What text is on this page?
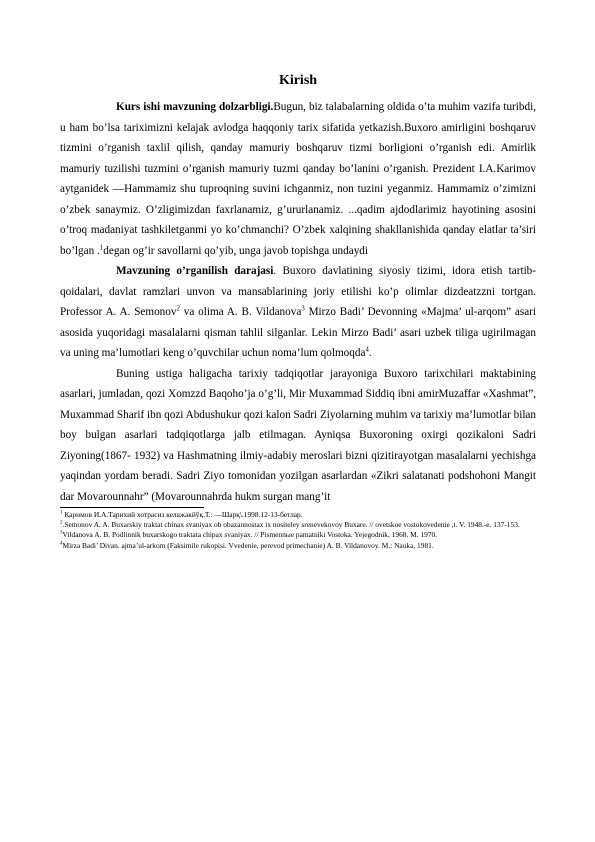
Kirish

Kurs ishi mavzuning dolzarbligi.Bugun, biz talabalarning oldida o’ta muhim vazifa turibdi, u ham bo’lsa tariximizni kelajak avlodga haqqoniy tarix sifatida yetkazish.Buxoro amirligini boshqaruv tizmini o’rganish taxlil qilish, qanday mamuriy boshqaruv tizmi borligioni o’rganish edi. Amirlik mamuriy tuzilishi tuzmini o’rganish mamuriy tuzmi qanday bo’lanini o’rganish. Prezident I.A.Karimov aytganidek ―Hammamiz shu tuproqning suvini ichganmiz, non tuzini yeganmiz. Hammamiz o’zimizni o’zbek sanaymiz. O’zligimizdan faxrlanamiz, g’ururlanamiz. ...qadim ajdodlarimiz hayotining asosini o’troq madaniyat tashkiletganmi yo ko’chmanchi? O’zbek xalqining shakllanishida qanday elatlar ta’siri bo’lgan .$^1$degan og’ir savollarni qo’yib, unga javob topishga undaydi

Mavzuning o’rganilish darajasi. Buxoro davlatining siyosiy tizimi, idora etish tartib- qoidalari, davlat ramzlari unvon va mansablarining joriy etilishi ko’p olimlar dizdeatzzni tortgan. Professor A. A. Semonov$^2$ va olima A. B. Vildanova$^3$ Mirzo Badi’ Devonning «Majma’ ul-arqom” asari asosida yuqoridagi masalalarni qisman tahlil silganlar. Lekin Mirzo Badi’ asari uzbek tiliga ugirilmagan va uning ma’lumotlari keng o’quvchilar uchun noma’lum qolmoqda$^4$.

Buning ustiga haligacha tarixiy tadqiqotlar jarayoniga Buxoro tarixchilari maktabining asarlari, jumladan, qozi Xomzzd Baqoho’ja o’g’li, Mir Muxammad Siddiq ibni amirMuzaffar «Xashmat”, Muxammad Sharif ibn qozi Abdushukur qozi kalon Sadri Ziyolarning muhim va tarixiy ma’lumotlar bilan boy bulgan asarlari tadqiqotlarga jalb etilmagan. Ayniqsa Buxoroning oxirgi qozikaloni Sadri Ziyoning(1867- 1932) va Hashmatning ilmiy-adabiy meroslari bizni qizitirayotgan masalalarni yechishga yaqindan yordam beradi. Sadri Ziyo tomonidan yozilgan asarlardan «Zikri salatanati podshohoni Mangit dar Movarounnahr” (Movarounnahrda hukm surgan mang’it

$^1$ Каримов И.А.Тарихий хотрасиз келажакйўқ.Т.: ―Шарқ\.1998.12-13-бетлар.

$^2$.Semonov A. A. Buxarskiy traktat chinax svaniyax ob obazannostax ix nositeley srenevekovoy Buxare. // ovetskoe vostokovedenie ,t. V. 1948.-e. 137-153.

$^3$Vildanova A. B. Podlinnik buxarskogo traktata chipax svaniyax. // Pismennыe pamatniki Vostoka. Yejegodnik, 1968. M. 1970.

$^4$Mirza Badi’ Divan. ajma’ul-arkom (Faksimile rukopisi. Vvedenie, perevod primechanie) A. B. Vildanovoy. M.: Nauka, 1981.
